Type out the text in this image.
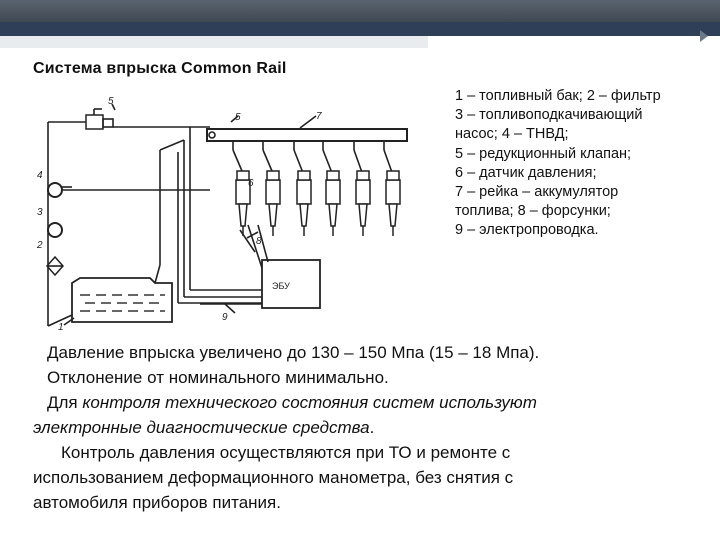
Система впрыска Common Rail
1
2
3
4
5
5
6
7
8
9
ЭБУ
1 – топливный бак; 2 – фильтр
3 – топливоподкачивающий
насос; 4 – ТНВД;
5 – редукционный клапан;
6 – датчик давления;
7 – рейка – аккумулятор
топлива; 8 – форсунки;
9 – электропроводка.

Давление впрыска увеличено до 130 – 150 Мпа (15 – 18 Мпа).

Отклонение от номинального минимально.

Для контроля технического состояния систем используют

электронные диагностические средства.

Контроль давления осуществляются при ТО и ремонте с

использованием деформационного манометра, без снятия с

автомобиля приборов питания.
